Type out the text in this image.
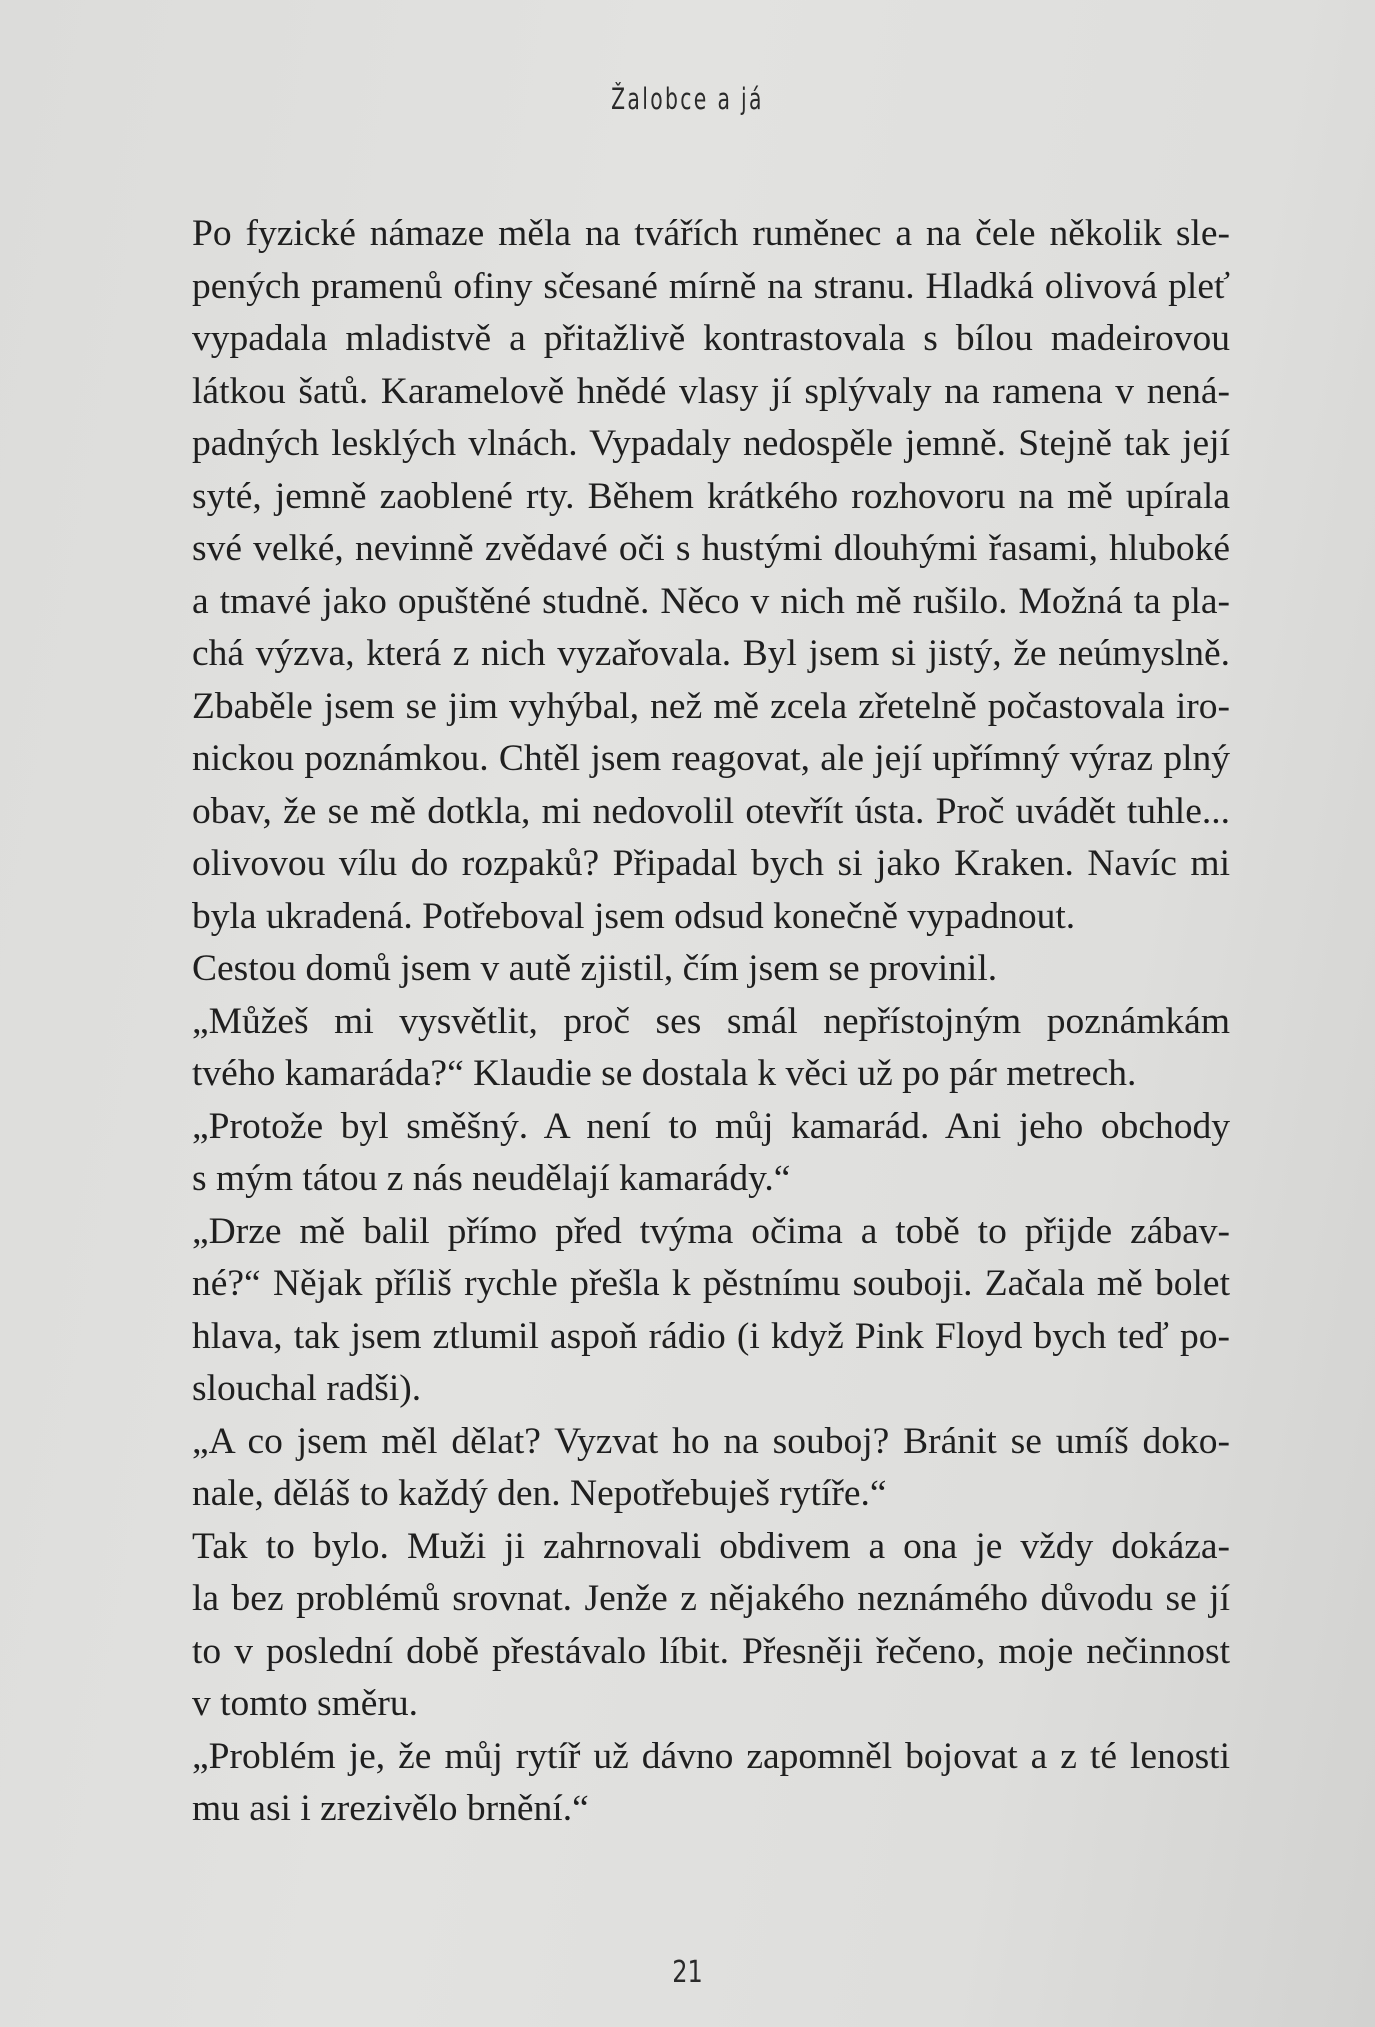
Žalobce a já

Po fyzické námaze měla na tvářích ruměnec a na čele několik sle-
pených pramenů ofiny sčesané mírně na stranu. Hladká olivová pleť
vypadala mladistvě a přitažlivě kontrastovala s bílou madeirovou
látkou šatů. Karamelově hnědé vlasy jí splývaly na ramena v nená-
padných lesklých vlnách. Vypadaly nedospěle jemně. Stejně tak její
syté, jemně zaoblené rty. Během krátkého rozhovoru na mě upírala
své velké, nevinně zvědavé oči s hustými dlouhými řasami, hluboké
a tmavé jako opuštěné studně. Něco v nich mě rušilo. Možná ta pla-
chá výzva, která z nich vyzařovala. Byl jsem si jistý, že neúmyslně.
Zbaběle jsem se jim vyhýbal, než mě zcela zřetelně počastovala iro-
nickou poznámkou. Chtěl jsem reagovat, ale její upřímný výraz plný
obav, že se mě dotkla, mi nedovolil otevřít ústa. Proč uvádět tuhle...
olivovou vílu do rozpaků? Připadal bych si jako Kraken. Navíc mi
byla ukradená. Potřeboval jsem odsud konečně vypadnout.

Cestou domů jsem v autě zjistil, čím jsem se provinil.

„Můžeš mi vysvětlit, proč ses smál nepřístojným poznámkám
tvého kamaráda?“ Klaudie se dostala k věci už po pár metrech.

„Protože byl směšný. A není to můj kamarád. Ani jeho obchody
s mým tátou z nás neudělají kamarády.“

„Drze mě balil přímo před tvýma očima a tobě to přijde zábav-
né?“ Nějak příliš rychle přešla k pěstnímu souboji. Začala mě bolet
hlava, tak jsem ztlumil aspoň rádio (i když Pink Floyd bych teď po-
slouchal radši).

„A co jsem měl dělat? Vyzvat ho na souboj? Bránit se umíš doko-
nale, děláš to každý den. Nepotřebuješ rytíře.“

Tak to bylo. Muži ji zahrnovali obdivem a ona je vždy dokáza-
la bez problémů srovnat. Jenže z nějakého neznámého důvodu se jí
to v poslední době přestávalo líbit. Přesněji řečeno, moje nečinnost
v tomto směru.

„Problém je, že můj rytíř už dávno zapomněl bojovat a z té lenosti
mu asi i zrezivělo brnění.“

21
